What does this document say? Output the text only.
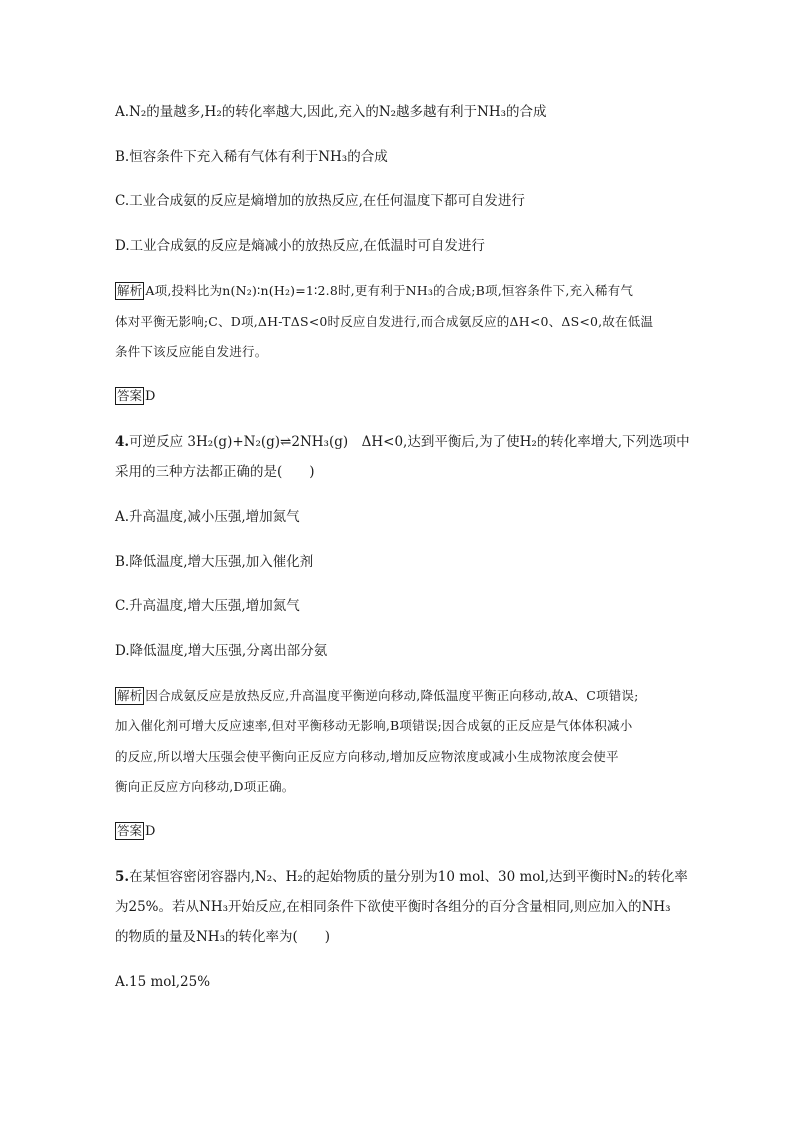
A.N₂的量越多,H₂的转化率越大,因此,充入的N₂越多越有利于NH₃的合成
B.恒容条件下充入稀有气体有利于NH₃的合成
C.工业合成氨的反应是熵增加的放热反应,在任何温度下都可自发进行
D.工业合成氨的反应是熵减小的放热反应,在低温时可自发进行
解析 A项,投料比为n(N₂)∶n(H₂)=1∶2.8时,更有利于NH₃的合成;B项,恒容条件下,充入稀有气
体对平衡无影响;C、D项,ΔH-TΔS<0时反应自发进行,而合成氨反应的ΔH<0、ΔS<0,故在低温
条件下该反应能自发进行。
答案 D
4.可逆反应 3H₂(g)+N₂(g)⇌2NH₃(g)　ΔH<0,达到平衡后,为了使H₂的转化率增大,下列选项中
采用的三种方法都正确的是(　　)
A.升高温度,减小压强,增加氮气
B.降低温度,增大压强,加入催化剂
C.升高温度,增大压强,增加氮气
D.降低温度,增大压强,分离出部分氨
解析 因合成氨反应是放热反应,升高温度平衡逆向移动,降低温度平衡正向移动,故A、C项错误;
加入催化剂可增大反应速率,但对平衡移动无影响,B项错误;因合成氨的正反应是气体体积减小
的反应,所以增大压强会使平衡向正反应方向移动,增加反应物浓度或减小生成物浓度会使平
衡向正反应方向移动,D项正确。
答案 D
5.在某恒容密闭容器内,N₂、H₂的起始物质的量分别为10 mol、30 mol,达到平衡时N₂的转化率
为25%。若从NH₃开始反应,在相同条件下欲使平衡时各组分的百分含量相同,则应加入的NH₃
的物质的量及NH₃的转化率为(　　)
A.15 mol,25%
